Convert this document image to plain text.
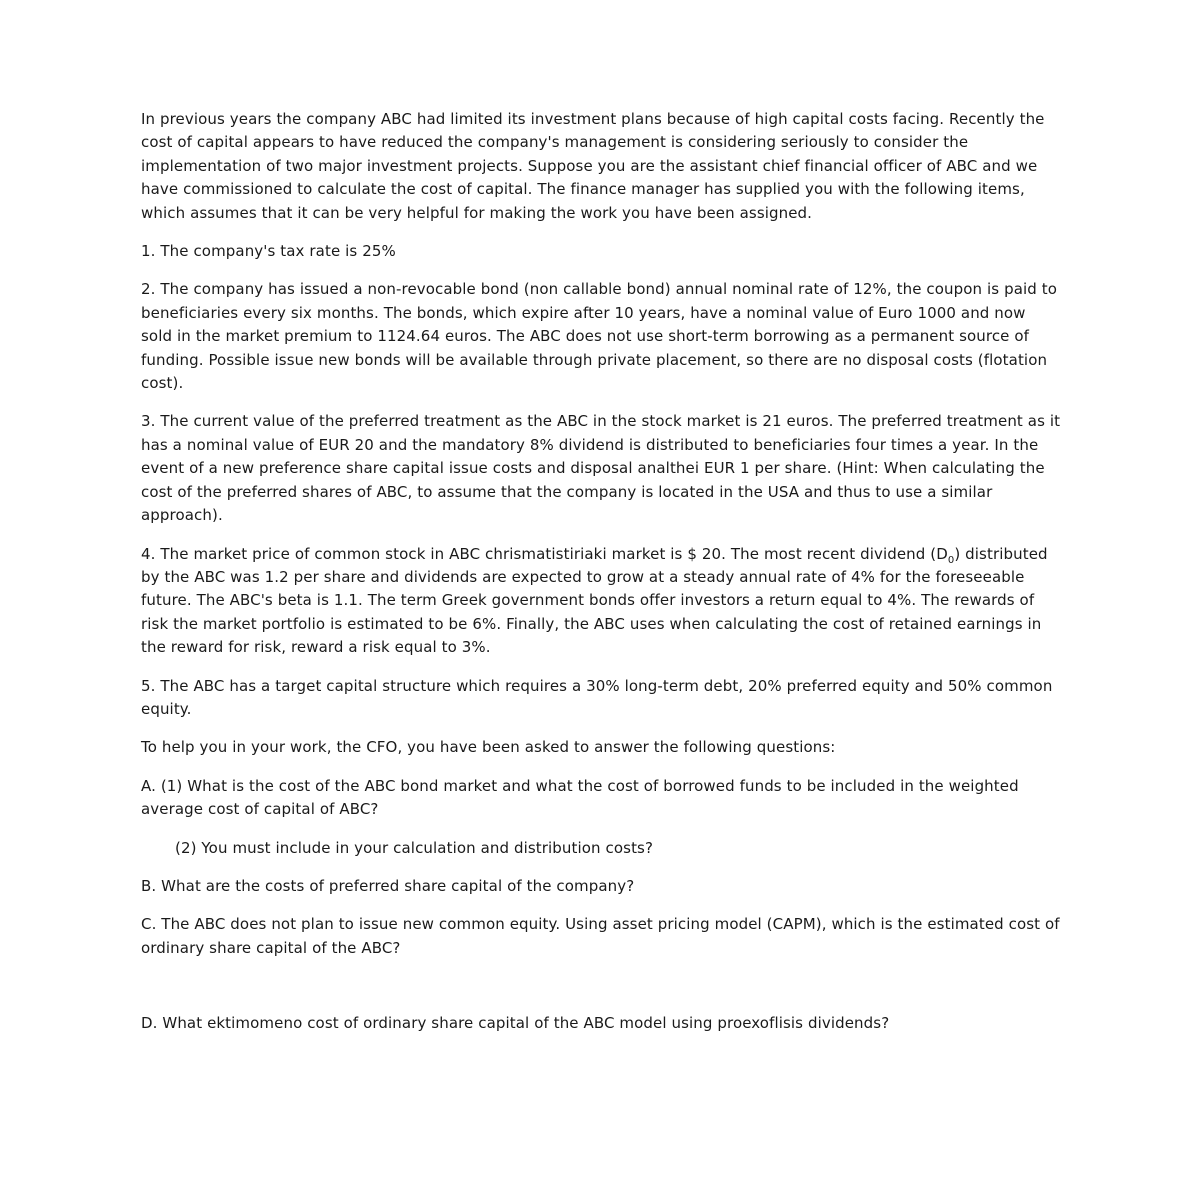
In previous years the company ABC had limited its investment plans because of high capital costs facing. Recently the cost of capital appears to have reduced the company's management is considering seriously to consider the implementation of two major investment projects. Suppose you are the assistant chief financial officer of ABC and we have commissioned to calculate the cost of capital. The finance manager has supplied you with the following items, which assumes that it can be very helpful for making the work you have been assigned.

1. The company's tax rate is 25%

2. The company has issued a non-revocable bond (non callable bond) annual nominal rate of 12%, the coupon is paid to beneficiaries every six months. The bonds, which expire after 10 years, have a nominal value of Euro 1000 and now sold in the market premium to 1124.64 euros. The ABC does not use short-term borrowing as a permanent source of funding. Possible issue new bonds will be available through private placement, so there are no disposal costs (flotation cost).

3. The current value of the preferred treatment as the ABC in the stock market is 21 euros. The preferred treatment as it has a nominal value of EUR 20 and the mandatory 8% dividend is distributed to beneficiaries four times a year. In the event of a new preference share capital issue costs and disposal analthei EUR 1 per share. (Hint: When calculating the cost of the preferred shares of ABC, to assume that the company is located in the USA and thus to use a similar approach).

4. The market price of common stock in ABC chrismatistiriaki market is $ 20. The most recent dividend $(D_0)$ distributed by the ABC was 1.2 per share and dividends are expected to grow at a steady annual rate of 4% for the foreseeable future. The ABC's beta is 1.1. The term Greek government bonds offer investors a return equal to 4%. The rewards of risk the market portfolio is estimated to be 6%. Finally, the ABC uses when calculating the cost of retained earnings in the reward for risk, reward a risk equal to 3%.

5. The ABC has a target capital structure which requires a 30% long-term debt, 20% preferred equity and 50% common equity.

To help you in your work, the CFO, you have been asked to answer the following questions:

A. (1) What is the cost of the ABC bond market and what the cost of borrowed funds to be included in the weighted average cost of capital of ABC?

(2) You must include in your calculation and distribution costs?

B. What are the costs of preferred share capital of the company?

C. The ABC does not plan to issue new common equity. Using asset pricing model (CAPM), which is the estimated cost of ordinary share capital of the ABC?

D. What ektimomeno cost of ordinary share capital of the ABC model using proexoflisis dividends?
